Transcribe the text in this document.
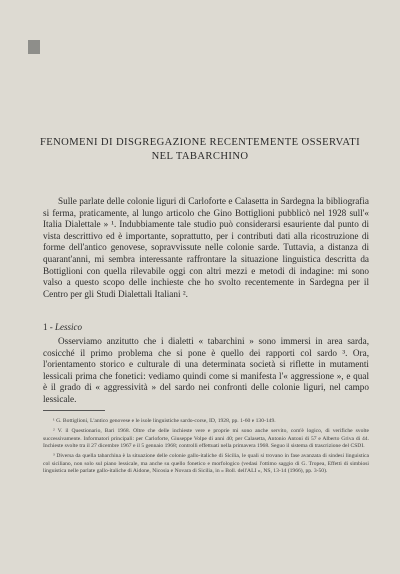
FENOMENI DI DISGREGAZIONE RECENTEMENTE OSSERVATI
NEL TABARCHINO

Sulle parlate delle colonie liguri di Carloforte e Calasetta in Sardegna la bibliografia si ferma, praticamente, al lungo articolo che Gino Bottiglioni pubblicò nel 1928 sull'« Italia Dialettale » ¹. Indubbiamente tale studio può considerarsi esauriente dal punto di vista descrittivo ed è importante, soprattutto, per i contributi dati alla ricostruzione di forme dell'antico genovese, sopravvissute nelle colonie sarde. Tuttavia, a distanza di quarant'anni, mi sembra interessante raffrontare la situazione linguistica descritta da Bottiglioni con quella rilevabile oggi con altri mezzi e metodi di indagine: mi sono valso a questo scopo delle inchieste che ho svolto recentemente in Sardegna per il Centro per gli Studi Dialettali Italiani ².

1 - Lessico

Osserviamo anzitutto che i dialetti « tabarchini » sono immersi in area sarda, cosicché il primo problema che si pone è quello dei rapporti col sardo ³. Ora, l'orientamento storico e culturale di una determinata società si riflette in mutamenti lessicali prima che fonetici: vediamo quindi come si manifesta l'« aggressione », e qual è il grado di « aggressività » del sardo nei confronti delle colonie liguri, nel campo lessicale.

¹ G. Bottiglioni, L'antico genovese e le isole linguistiche sardo-corse, ID, 1928, pp. 1-60 e 130-149.

² V. il Questionario, Bari 1968. Oltre che delle inchieste vere e proprie mi sono anche servito, com'è logico, di verifiche svolte successivamente. Informatori principali: per Carloforte, Giuseppe Volpe di anni 40; per Calasetta, Antonio Antoni di 57 e Alberto Griva di 44. Inchieste svolte tra il 27 dicembre 1967 e il 5 gennaio 1968; controlli effettuati nella primavera 1968. Seguo il sistema di trascrizione del CSDI.

³ Diversa da quella tabarchina è la situazione delle colonie gallo-italiche di Sicilia, le quali si trovano in fase avanzata di sindesi linguistica col siciliano, non solo sul piano lessicale, ma anche su quello fonetico e morfologico (vedasi l'ottimo saggio di G. Tropea, Effetti di simbiosi linguistica nelle parlate gallo-italiche di Aidone, Nicosia e Novara di Sicilia, in « Boll. dell'ALI », NS, 13-14 (1966), pp. 3-50).
